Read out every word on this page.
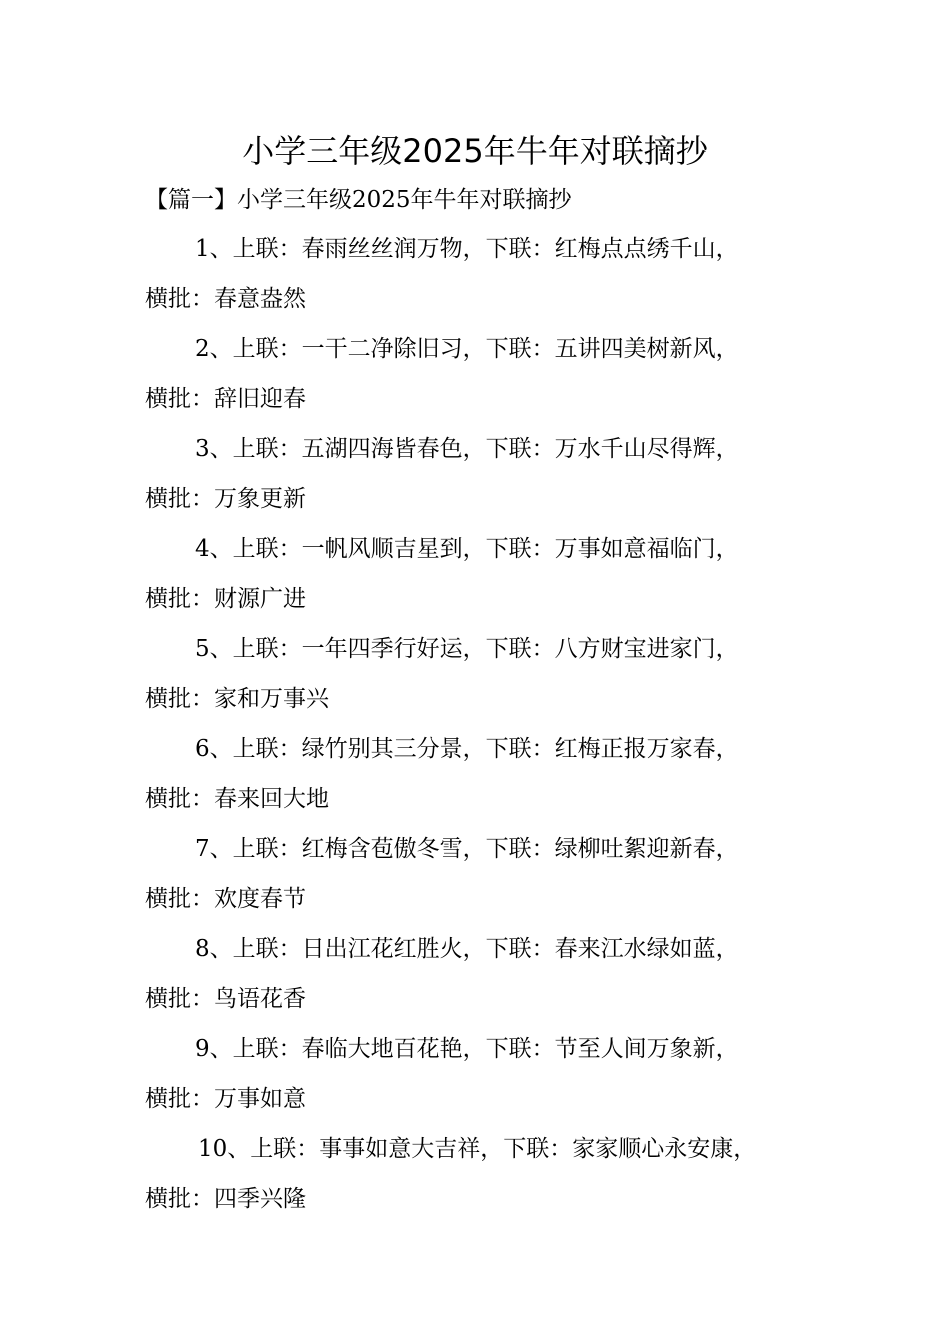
小学三年级2025年牛年对联摘抄
【篇一】小学三年级2025年牛年对联摘抄
1、上联：春雨丝丝润万物，下联：红梅点点绣千山，
横批：春意盎然
2、上联：一干二净除旧习，下联：五讲四美树新风，
横批：辞旧迎春
3、上联：五湖四海皆春色，下联：万水千山尽得辉，
横批：万象更新
4、上联：一帆风顺吉星到，下联：万事如意福临门，
横批：财源广进
5、上联：一年四季行好运，下联：八方财宝进家门，
横批：家和万事兴
6、上联：绿竹别其三分景，下联：红梅正报万家春，
横批：春来回大地
7、上联：红梅含苞傲冬雪，下联：绿柳吐絮迎新春，
横批：欢度春节
8、上联：日出江花红胜火，下联：春来江水绿如蓝，
横批：鸟语花香
9、上联：春临大地百花艳，下联：节至人间万象新，
横批：万事如意
10、上联：事事如意大吉祥，下联：家家顺心永安康，
横批：四季兴隆
